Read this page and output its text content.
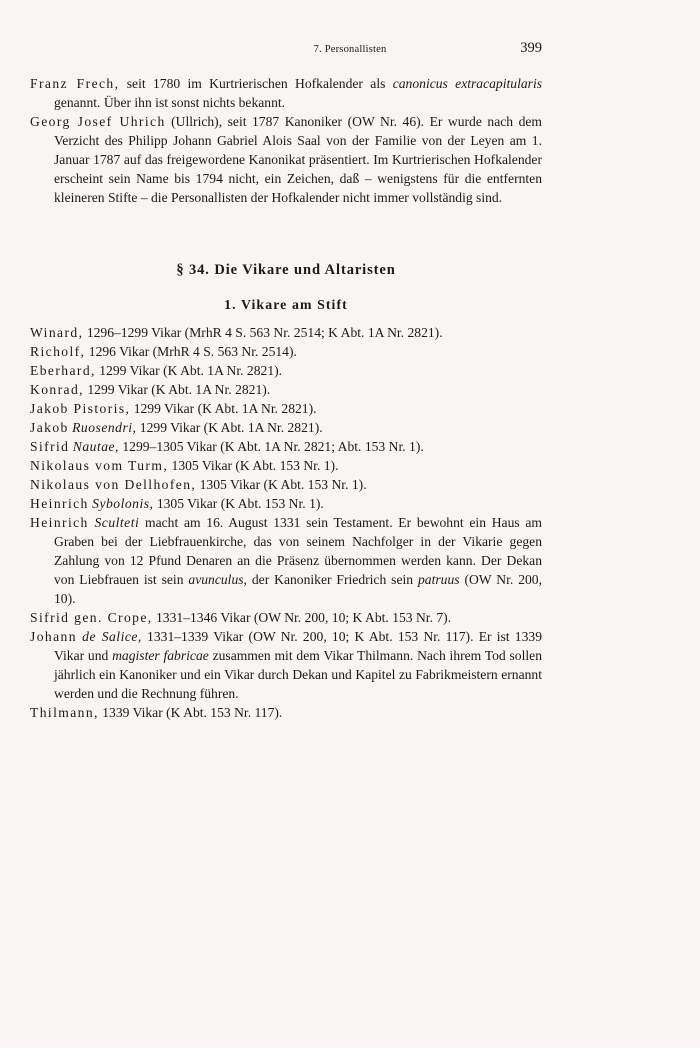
7. Personallisten	399

Franz Frech, seit 1780 im Kurtrierischen Hofkalender als canonicus extracapitularis genannt. Über ihn ist sonst nichts bekannt.

Georg Josef Uhrich (Ullrich), seit 1787 Kanoniker (OW Nr. 46). Er wurde nach dem Verzicht des Philipp Johann Gabriel Alois Saal von der Familie von der Leyen am 1. Januar 1787 auf das freigewordene Kanonikat präsentiert. Im Kurtrierischen Hofkalender erscheint sein Name bis 1794 nicht, ein Zeichen, daß – wenigstens für die entfernten kleineren Stifte – die Personallisten der Hofkalender nicht immer vollständig sind.

§ 34. Die Vikare und Altaristen
1. Vikare am Stift

Winard, 1296–1299 Vikar (MrhR 4 S. 563 Nr. 2514; K Abt. 1A Nr. 2821).

Richolf, 1296 Vikar (MrhR 4 S. 563 Nr. 2514).

Eberhard, 1299 Vikar (K Abt. 1A Nr. 2821).

Konrad, 1299 Vikar (K Abt. 1A Nr. 2821).

Jakob Pistoris, 1299 Vikar (K Abt. 1A Nr. 2821).

Jakob Ruosendri, 1299 Vikar (K Abt. 1A Nr. 2821).

Sifrid Nautae, 1299–1305 Vikar (K Abt. 1A Nr. 2821; Abt. 153 Nr. 1).

Nikolaus vom Turm, 1305 Vikar (K Abt. 153 Nr. 1).

Nikolaus von Dellhofen, 1305 Vikar (K Abt. 153 Nr. 1).

Heinrich Sybolonis, 1305 Vikar (K Abt. 153 Nr. 1).

Heinrich Sculteti macht am 16. August 1331 sein Testament. Er bewohnt ein Haus am Graben bei der Liebfrauenkirche, das von seinem Nachfolger in der Vikarie gegen Zahlung von 12 Pfund Denaren an die Präsenz übernommen werden kann. Der Dekan von Liebfrauen ist sein avunculus, der Kanoniker Friedrich sein patruus (OW Nr. 200, 10).

Sifrid gen. Crope, 1331–1346 Vikar (OW Nr. 200, 10; K Abt. 153 Nr. 7).

Johann de Salice, 1331–1339 Vikar (OW Nr. 200, 10; K Abt. 153 Nr. 117). Er ist 1339 Vikar und magister fabricae zusammen mit dem Vikar Thilmann. Nach ihrem Tod sollen jährlich ein Kanoniker und ein Vikar durch Dekan und Kapitel zu Fabrikmeistern ernannt werden und die Rechnung führen.

Thilmann, 1339 Vikar (K Abt. 153 Nr. 117).
